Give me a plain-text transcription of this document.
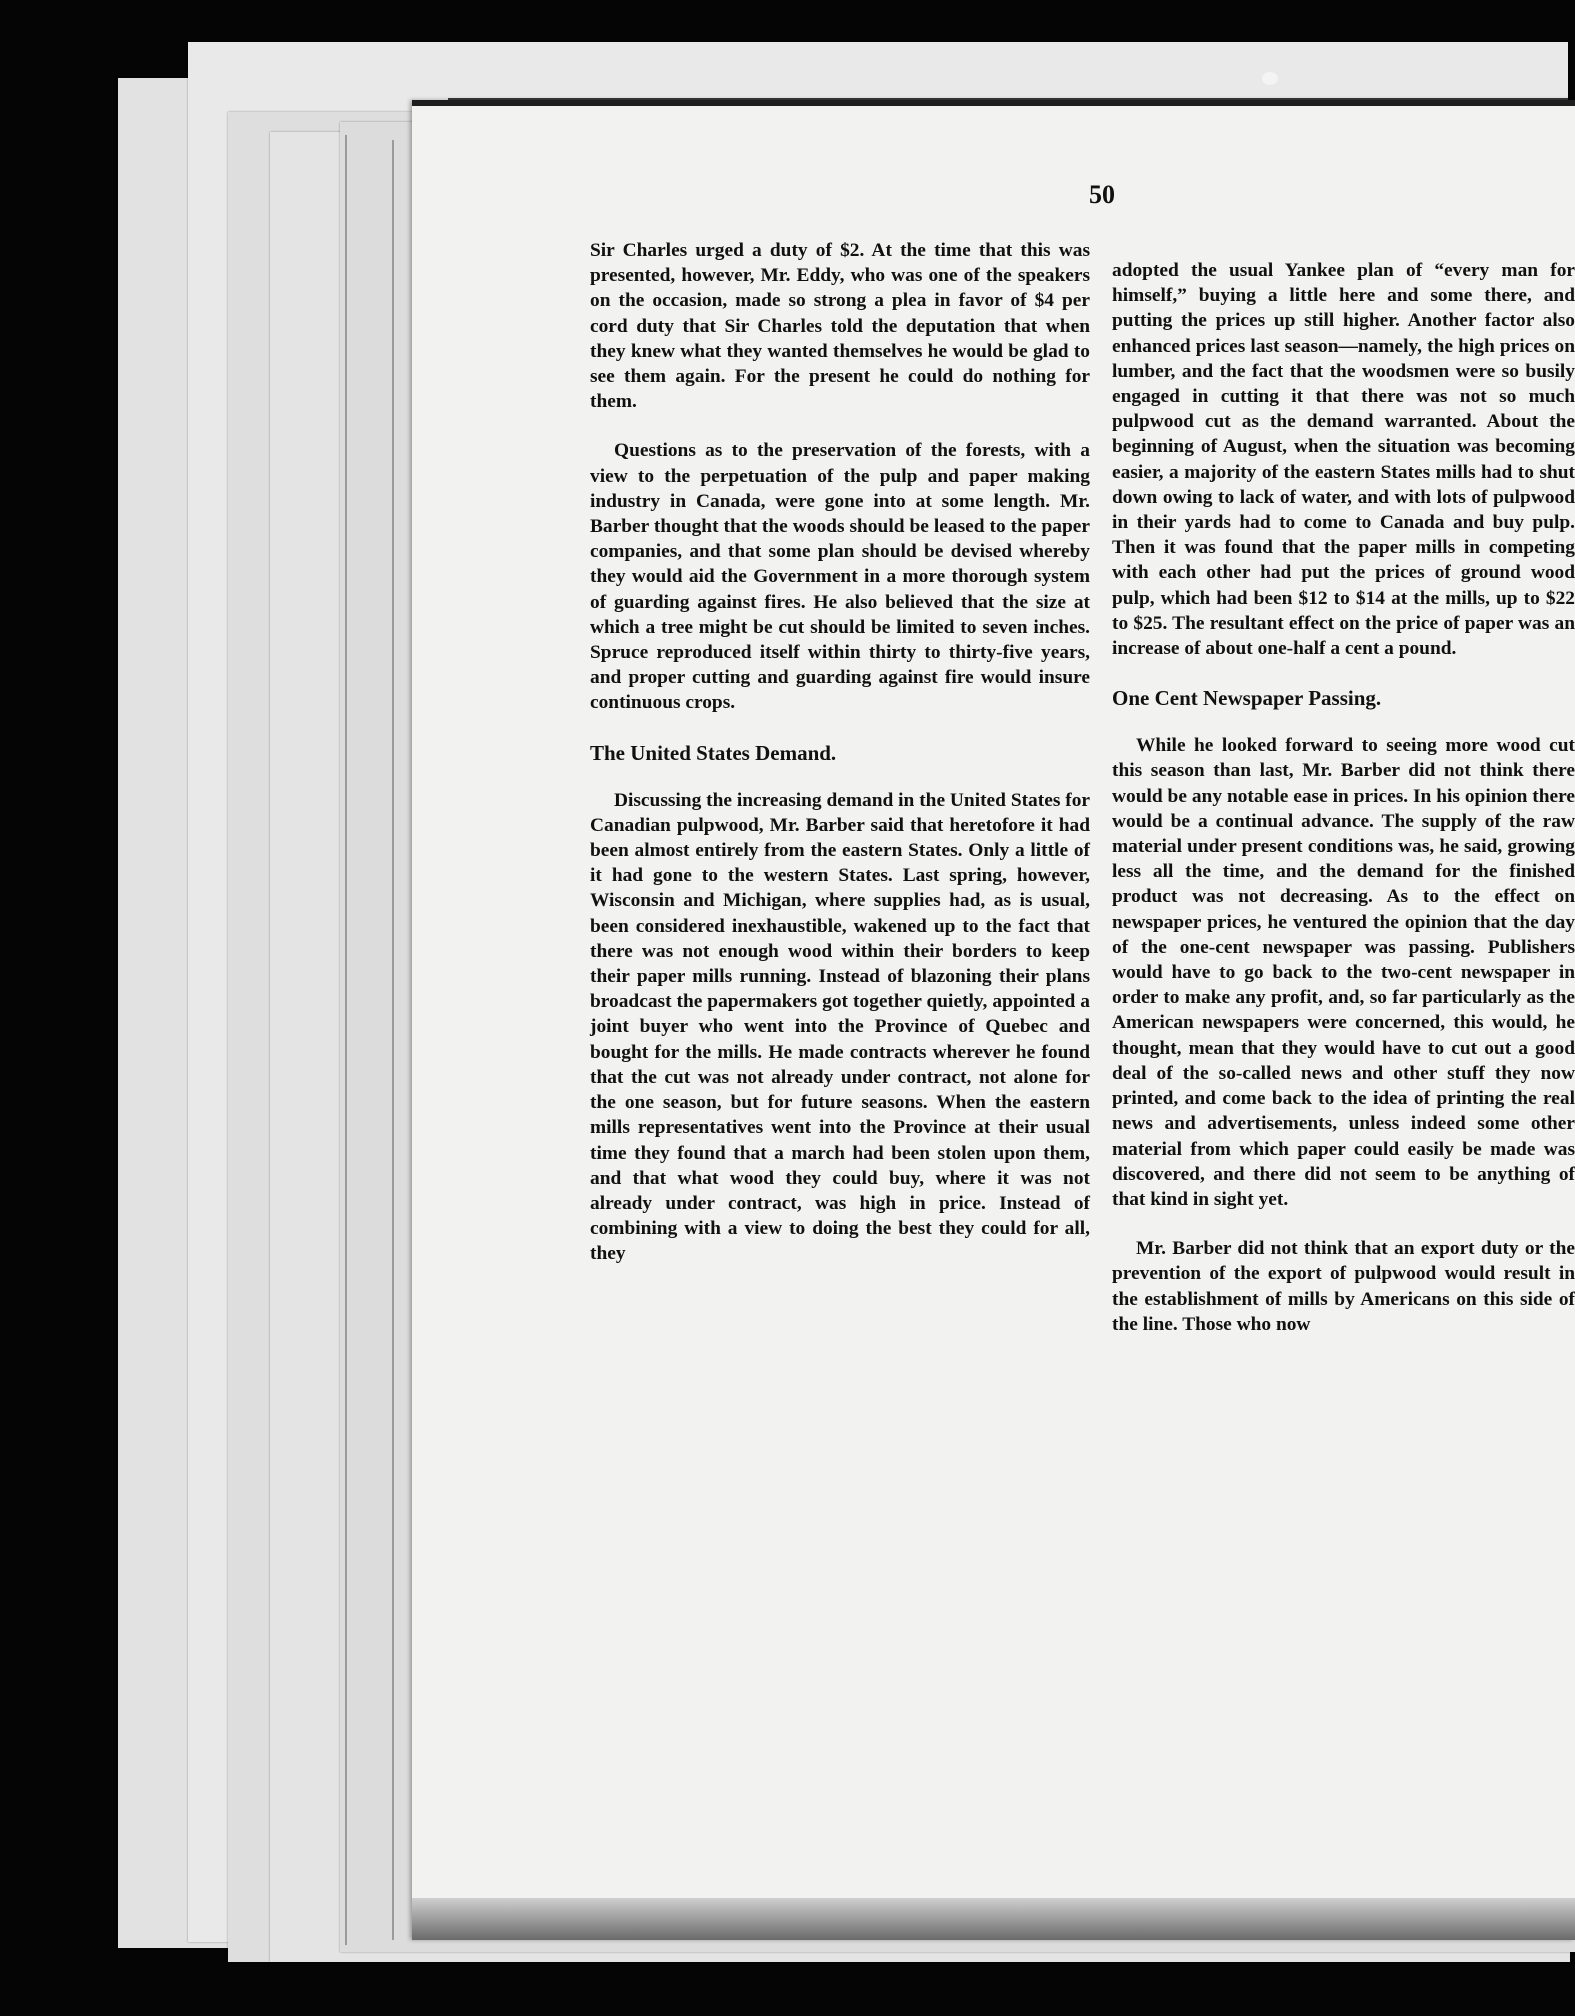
50

Sir Charles urged a duty of $2. At the time that this was presented, however, Mr. Eddy, who was one of the speakers on the occasion, made so strong a plea in favor of $4 per cord duty that Sir Charles told the deputation that when they knew what they wanted themselves he would be glad to see them again. For the present he could do nothing for them.

Questions as to the preservation of the forests, with a view to the perpetuation of the pulp and paper making industry in Canada, were gone into at some length. Mr. Barber thought that the woods should be leased to the paper companies, and that some plan should be devised whereby they would aid the Government in a more thorough system of guarding against fires. He also believed that the size at which a tree might be cut should be limited to seven inches. Spruce reproduced itself within thirty to thirty-five years, and proper cutting and guarding against fire would insure continuous crops.

The United States Demand.

Discussing the increasing demand in the United States for Canadian pulpwood, Mr. Barber said that heretofore it had been almost entirely from the eastern States. Only a little of it had gone to the western States. Last spring, however, Wisconsin and Michigan, where supplies had, as is usual, been considered inexhaustible, wakened up to the fact that there was not enough wood within their borders to keep their paper mills running. Instead of blazoning their plans broadcast the papermakers got together quietly, appointed a joint buyer who went into the Province of Quebec and bought for the mills. He made contracts wherever he found that the cut was not already under contract, not alone for the one season, but for future seasons. When the eastern mills representatives went into the Province at their usual time they found that a march had been stolen upon them, and that what wood they could buy, where it was not already under contract, was high in price. Instead of combining with a view to doing the best they could for all, they

adopted the usual Yankee plan of “every man for himself,” buying a little here and some there, and putting the prices up still higher. Another factor also enhanced prices last season—namely, the high prices on lumber, and the fact that the woodsmen were so busily engaged in cutting it that there was not so much pulpwood cut as the demand warranted. About the beginning of August, when the situation was becoming easier, a majority of the eastern States mills had to shut down owing to lack of water, and with lots of pulpwood in their yards had to come to Canada and buy pulp. Then it was found that the paper mills in competing with each other had put the prices of ground wood pulp, which had been $12 to $14 at the mills, up to $22 to $25. The resultant effect on the price of paper was an increase of about one-half a cent a pound.

One Cent Newspaper Passing.

While he looked forward to seeing more wood cut this season than last, Mr. Barber did not think there would be any notable ease in prices. In his opinion there would be a continual advance. The supply of the raw material under present conditions was, he said, growing less all the time, and the demand for the finished product was not decreasing. As to the effect on newspaper prices, he ventured the opinion that the day of the one-cent newspaper was passing. Publishers would have to go back to the two-cent newspaper in order to make any profit, and, so far particularly as the American newspapers were concerned, this would, he thought, mean that they would have to cut out a good deal of the so-called news and other stuff they now printed, and come back to the idea of printing the real news and advertisements, unless indeed some other material from which paper could easily be made was discovered, and there did not seem to be anything of that kind in sight yet.

Mr. Barber did not think that an export duty or the prevention of the export of pulpwood would result in the establishment of mills by Americans on this side of the line. Those who now
